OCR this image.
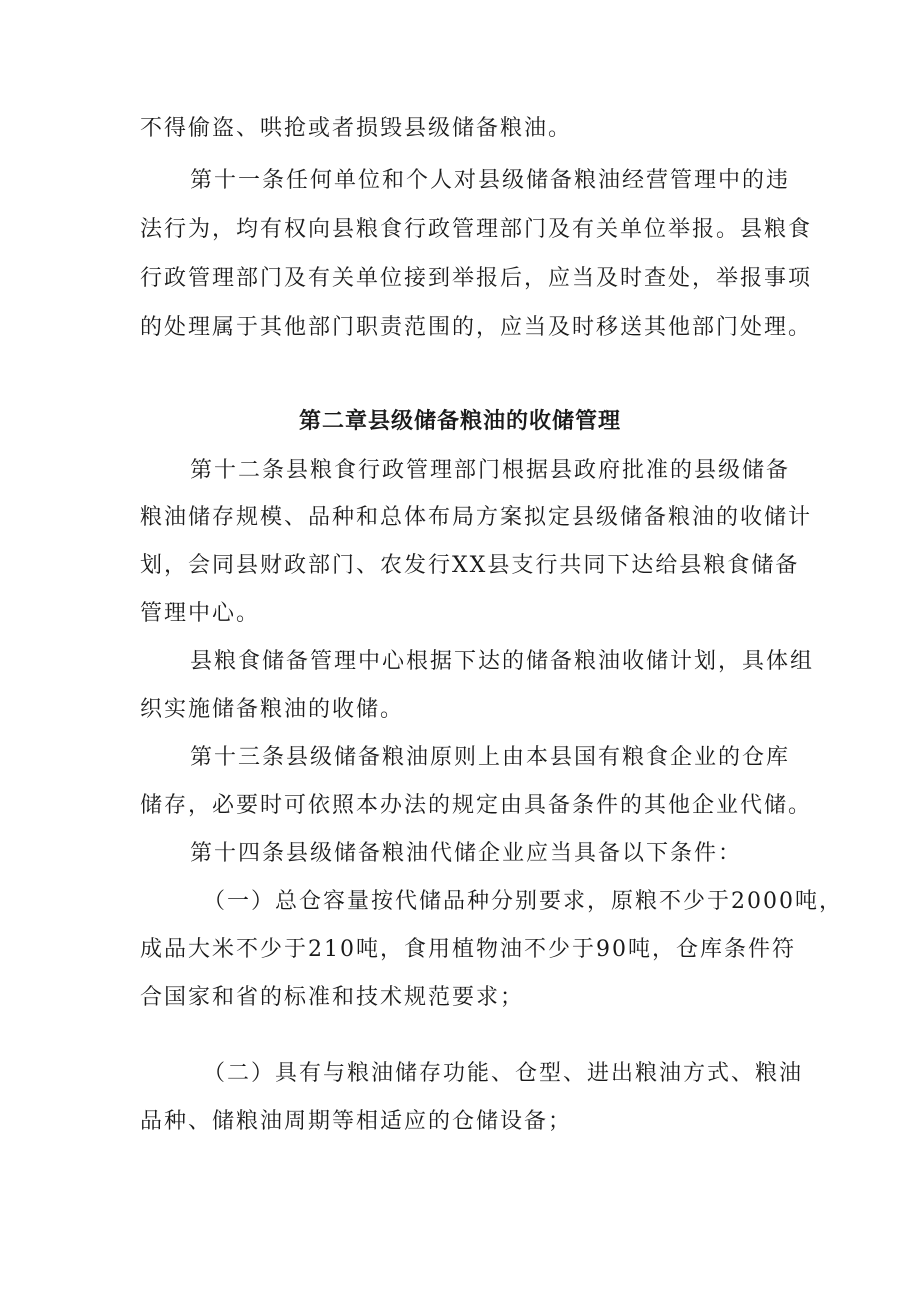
不得偷盗、哄抢或者损毁县级储备粮油。
第十一条任何单位和个人对县级储备粮油经营管理中的违
法行为，均有权向县粮食行政管理部门及有关单位举报。县粮食
行政管理部门及有关单位接到举报后，应当及时查处，举报事项
的处理属于其他部门职责范围的，应当及时移送其他部门处理。
第二章县级储备粮油的收储管理
第十二条县粮食行政管理部门根据县政府批准的县级储备
粮油储存规模、品种和总体布局方案拟定县级储备粮油的收储计
划，会同县财政部门、农发行XX县支行共同下达给县粮食储备
管理中心。
县粮食储备管理中心根据下达的储备粮油收储计划，具体组
织实施储备粮油的收储。
第十三条县级储备粮油原则上由本县国有粮食企业的仓库
储存，必要时可依照本办法的规定由具备条件的其他企业代储。
第十四条县级储备粮油代储企业应当具备以下条件：
（一）总仓容量按代储品种分别要求，原粮不少于2000吨，
成品大米不少于210吨，食用植物油不少于90吨，仓库条件符
合国家和省的标准和技术规范要求；
（二）具有与粮油储存功能、仓型、进出粮油方式、粮油
品种、储粮油周期等相适应的仓储设备；
